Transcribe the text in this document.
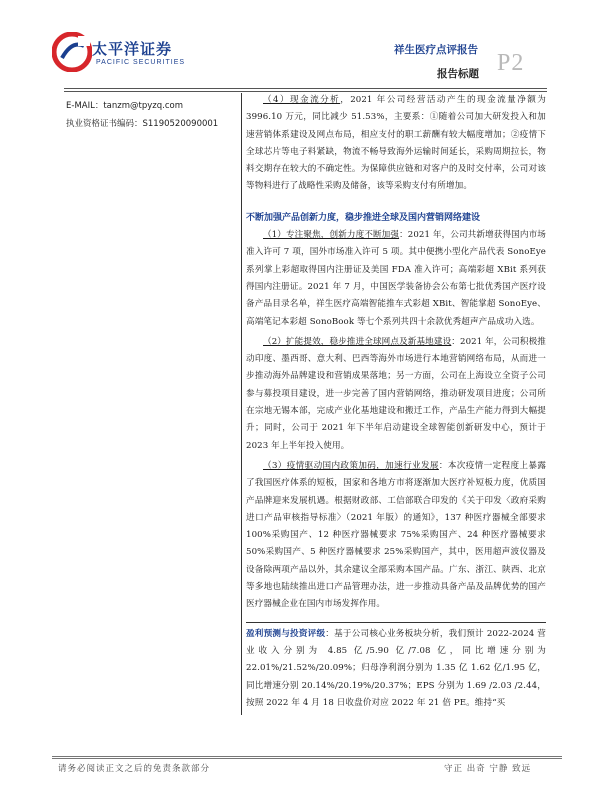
太平洋证券
PACIFIC SECURITIES
祥生医疗点评报告 P2
报告标题
E-MAIL：tanzm@tpyzq.com
执业资格证书编码：S1190520090001

（4）现金流分析，2021 年公司经营活动产生的现金流量净额为 3996.10 万元，同比减少 51.53%，主要系：①随着公司加大研发投入和加速营销体系建设及网点布局，相应支付的职工薪酬有较大幅度增加；②疫情下全球芯片等电子料紧缺，物流不畅导致海外运输时间延长，采购周期拉长，物料交期存在较大的不确定性。为保障供应链和对客户的及时交付率，公司对该等物料进行了战略性采购及储备，该等采购支付有所增加。

不断加强产品创新力度，稳步推进全球及国内营销网络建设

（1）专注聚焦，创新力度不断加强：2021 年，公司共新增获得国内市场准入许可 7 项，国外市场准入许可 5 项。其中便携小型化产品代表 SonoEye 系列掌上彩超取得国内注册证及美国 FDA 准入许可；高端彩超 XBit 系列获得国内注册证。2021 年 7 月，中国医学装备协会公布第七批优秀国产医疗设备产品目录名单，祥生医疗高端智能推车式彩超 XBit、智能掌超 SonoEye、高端笔记本彩超 SonoBook 等七个系列共四十余款优秀超声产品成功入选。

（2）扩能提效，稳步推进全球网点及新基地建设：2021 年，公司积极推动印度、墨西哥、意大利、巴西等海外市场进行本地营销网络布局，从而进一步推动海外品牌建设和营销成果落地；另一方面，公司在上海设立全资子公司参与募投项目建设，进一步完善了国内营销网络，推动研发项目进度；公司所在宗地无锡本部，完成产业化基地建设和搬迁工作，产品生产能力得到大幅提升；同时，公司于 2021 年下半年启动建设全球智能创新研发中心，预计于 2023 年上半年投入使用。

（3）疫情驱动国内政策加码，加速行业发展：本次疫情一定程度上暴露了我国医疗体系的短板，国家和各地方市将逐渐加大医疗补短板力度，优质国产品牌迎来发展机遇。根据财政部、工信部联合印发的《关于印发〈政府采购进口产品审核指导标准〉（2021 年版）的通知》，137 种医疗器械全部要求 100%采购国产、12 种医疗器械要求 75%采购国产、24 种医疗器械要求 50%采购国产、5 种医疗器械要求 25%采购国产，其中，医用超声波仪器及设备除两项产品以外，其余建议全部采购本国产品。广东、浙江、陕西、北京等多地也陆续推出进口产品管理办法，进一步推动具备产品及品牌优势的国产医疗器械企业在国内市场发挥作用。

盈利预测与投资评级：基于公司核心业务板块分析，我们预计 2022-2024 营业收入分别为 4.85 亿/5.90 亿/7.08 亿，同比增速分别为 22.01%/21.52%/20.09%；归母净利润分别为 1.35 亿 1.62 亿/1.95 亿，同比增速分别 20.14%/20.19%/20.37%；EPS 分别为 1.69 /2.03 /2.44，按照 2022 年 4 月 18 日收盘价对应 2022 年 21 倍 PE。维持“买

请务必阅读正文之后的免责条款部分	守正 出奇 宁静 致远
